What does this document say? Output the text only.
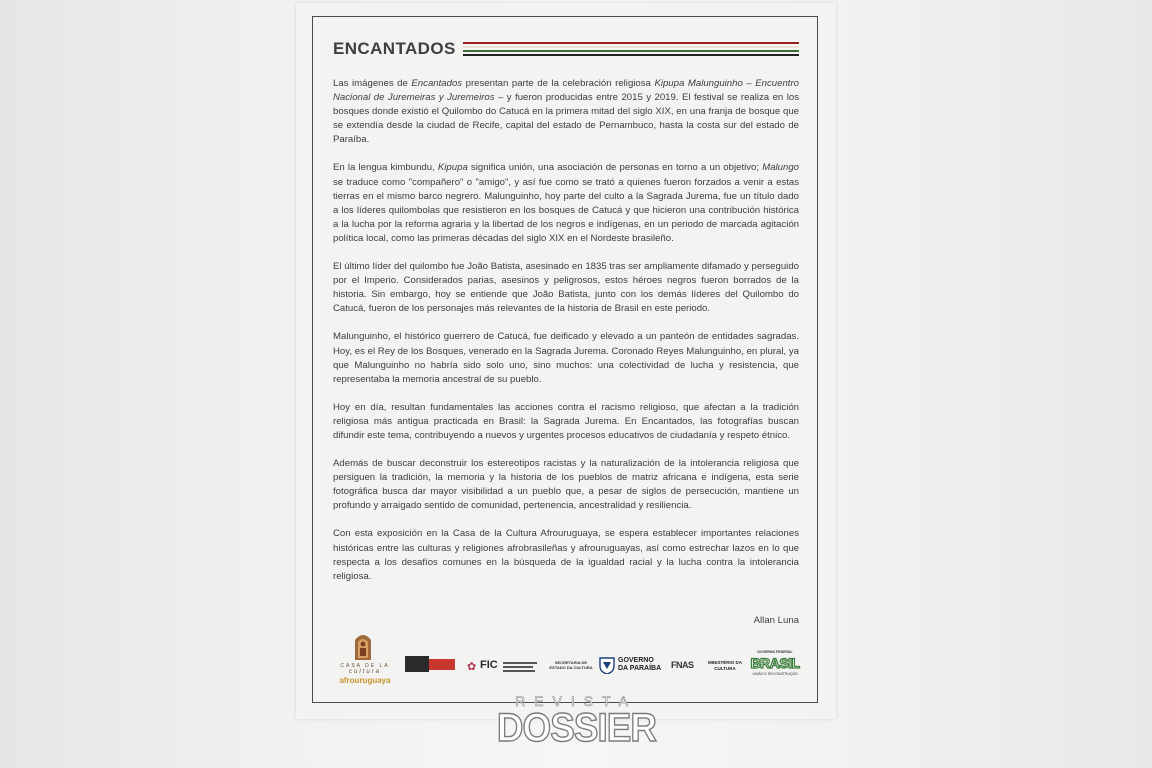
ENCANTADOS

Las imágenes de Encantados presentan parte de la celebración religiosa Kipupa Malunguinho – Encuentro Nacional de Juremeiras y Juremeiros – y fueron producidas entre 2015 y 2019. El festival se realiza en los bosques donde existió el Quilombo do Catucá en la primera mitad del siglo XIX, en una franja de bosque que se extendía desde la ciudad de Recife, capital del estado de Pernambuco, hasta la costa sur del estado de Paraíba.

En la lengua kimbundu, Kipupa significa unión, una asociación de personas en torno a un objetivo; Malungo se traduce como "compañero" o "amigo", y así fue como se trató a quienes fueron forzados a venir a estas tierras en el mismo barco negrero. Malunguinho, hoy parte del culto a la Sagrada Jurema, fue un título dado a los líderes quilombolas que resistieron en los bosques de Catucá y que hicieron una contribución histórica a la lucha por la reforma agraria y la libertad de los negros e indígenas, en un periodo de marcada agitación política local, como las primeras décadas del siglo XIX en el Nordeste brasileño.

El último líder del quilombo fue João Batista, asesinado en 1835 tras ser ampliamente difamado y perseguido por el Imperio. Considerados parias, asesinos y peligrosos, estos héroes negros fueron borrados de la historia. Sin embargo, hoy se entiende que João Batista, junto con los demás líderes del Quilombo do Catucá, fueron de los personajes más relevantes de la historia de Brasil en este periodo.

Malunguinho, el histórico guerrero de Catucá, fue deificado y elevado a un panteón de entidades sagradas. Hoy, es el Rey de los Bosques, venerado en la Sagrada Jurema. Coronado Reyes Malunguinho, en plural, ya que Malunguinho no habría sido solo uno, sino muchos: una colectividad de lucha y resistencia, que representaba la memoria ancestral de su pueblo.

Hoy en día, resultan fundamentales las acciones contra el racismo religioso, que afectan a la tradición religiosa más antigua practicada en Brasil: la Sagrada Jurema. En Encantados, las fotografías buscan difundir este tema, contribuyendo a nuevos y urgentes procesos educativos de ciudadanía y respeto étnico.

Además de buscar deconstruir los estereotipos racistas y la naturalización de la intolerancia religiosa que persiguen la tradición, la memoria y la historia de los pueblos de matriz africana e indígena, esta serie fotográfica busca dar mayor visibilidad a un pueblo que, a pesar de siglos de persecución, mantiene un profundo y arraigado sentido de comunidad, pertenencia, ancestralidad y resiliencia.

Con esta exposición en la Casa de la Cultura Afrouruguaya, se espera establecer importantes relaciones históricas entre las culturas y religiones afrobrasileñas y afrouruguayas, así como estrechar lazos en lo que respecta a los desafíos comunes en la búsqueda de la igualdad racial y la lucha contra la intolerancia religiosa.

Allan Luna

CASA DE LA
cultura
afrouruguaya
✿ FIC	SECRETARIA DE ESTADO DA CULTURA
GOVERNO
DA PARAÍBA FNAS	MINISTÉRIO DA CULTURA
GOVERNO FEDERAL
BRASIL
UNIÃO E RECONSTRUÇÃO
REVISTA
DOSSIER
